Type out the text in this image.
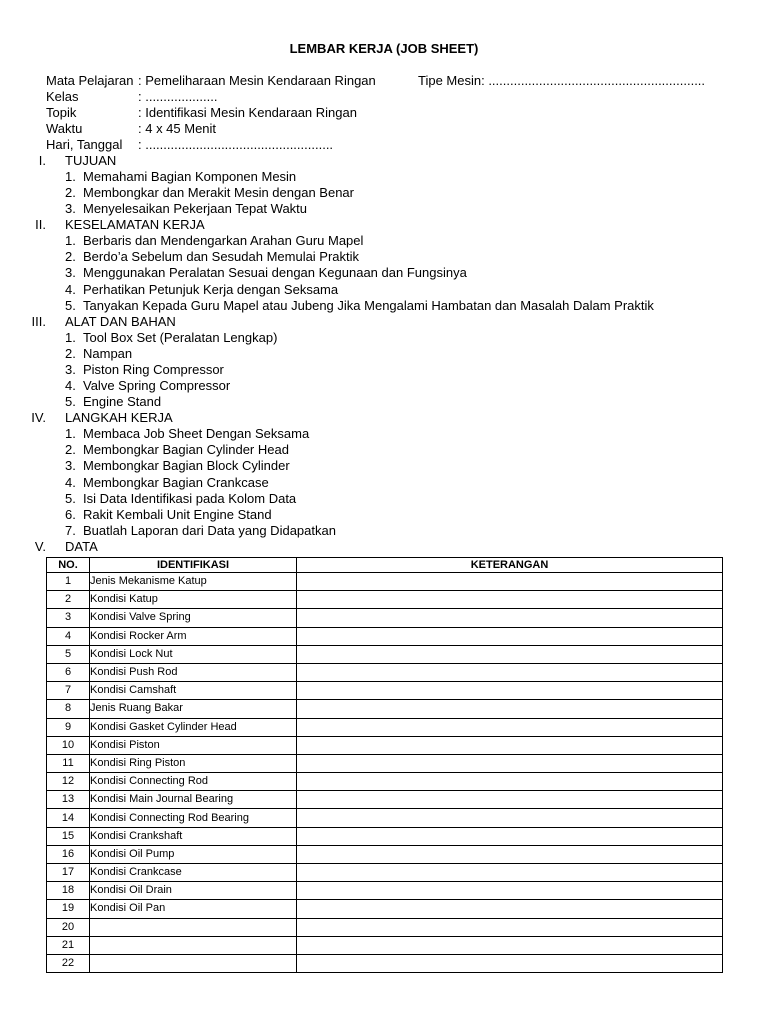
LEMBAR KERJA (JOB SHEET)
Mata Pelajaran : Pemeliharaan Mesin Kendaraan Ringan
Kelas	: ....................
Topik	: Identifikasi Mesin Kendaraan Ringan
Waktu	: 4 x 45 Menit
Hari, Tanggal : ....................................................
Tipe Mesin: ............................................................
I. TUJUAN
1. Memahami Bagian Komponen Mesin
2. Membongkar dan Merakit Mesin dengan Benar
3. Menyelesaikan Pekerjaan Tepat Waktu
II. KESELAMATAN KERJA
1. Berbaris dan Mendengarkan Arahan Guru Mapel
2. Berdo’a Sebelum dan Sesudah Memulai Praktik
3. Menggunakan Peralatan Sesuai dengan Kegunaan dan Fungsinya
4. Perhatikan Petunjuk Kerja dengan Seksama
5. Tanyakan Kepada Guru Mapel atau Jubeng Jika Mengalami Hambatan dan Masalah Dalam Praktik
III. ALAT DAN BAHAN
1. Tool Box Set (Peralatan Lengkap)
2. Nampan
3. Piston Ring Compressor
4. Valve Spring Compressor
5. Engine Stand
IV. LANGKAH KERJA
1. Membaca Job Sheet Dengan Seksama
2. Membongkar Bagian Cylinder Head
3. Membongkar Bagian Block Cylinder
4. Membongkar Bagian Crankcase
5. Isi Data Identifikasi pada Kolom Data
6. Rakit Kembali Unit Engine Stand
7. Buatlah Laporan dari Data yang Didapatkan
V. DATA
NO.	IDENTIFIKASI	KETERANGAN
1	Jenis Mekanisme Katup	
2	Kondisi Katup	
3	Kondisi Valve Spring	
4	Kondisi Rocker Arm	
5	Kondisi Lock Nut	
6	Kondisi Push Rod	
7	Kondisi Camshaft	
8	Jenis Ruang Bakar	
9	Kondisi Gasket Cylinder Head	
10	Kondisi Piston	
11	Kondisi Ring Piston	
12	Kondisi Connecting Rod	
13	Kondisi Main Journal Bearing	
14	Kondisi Connecting Rod Bearing	
15	Kondisi Crankshaft	
16	Kondisi Oil Pump	
17	Kondisi Crankcase	
18	Kondisi Oil Drain	
19	Kondisi Oil Pan	
20		
21		
22		
